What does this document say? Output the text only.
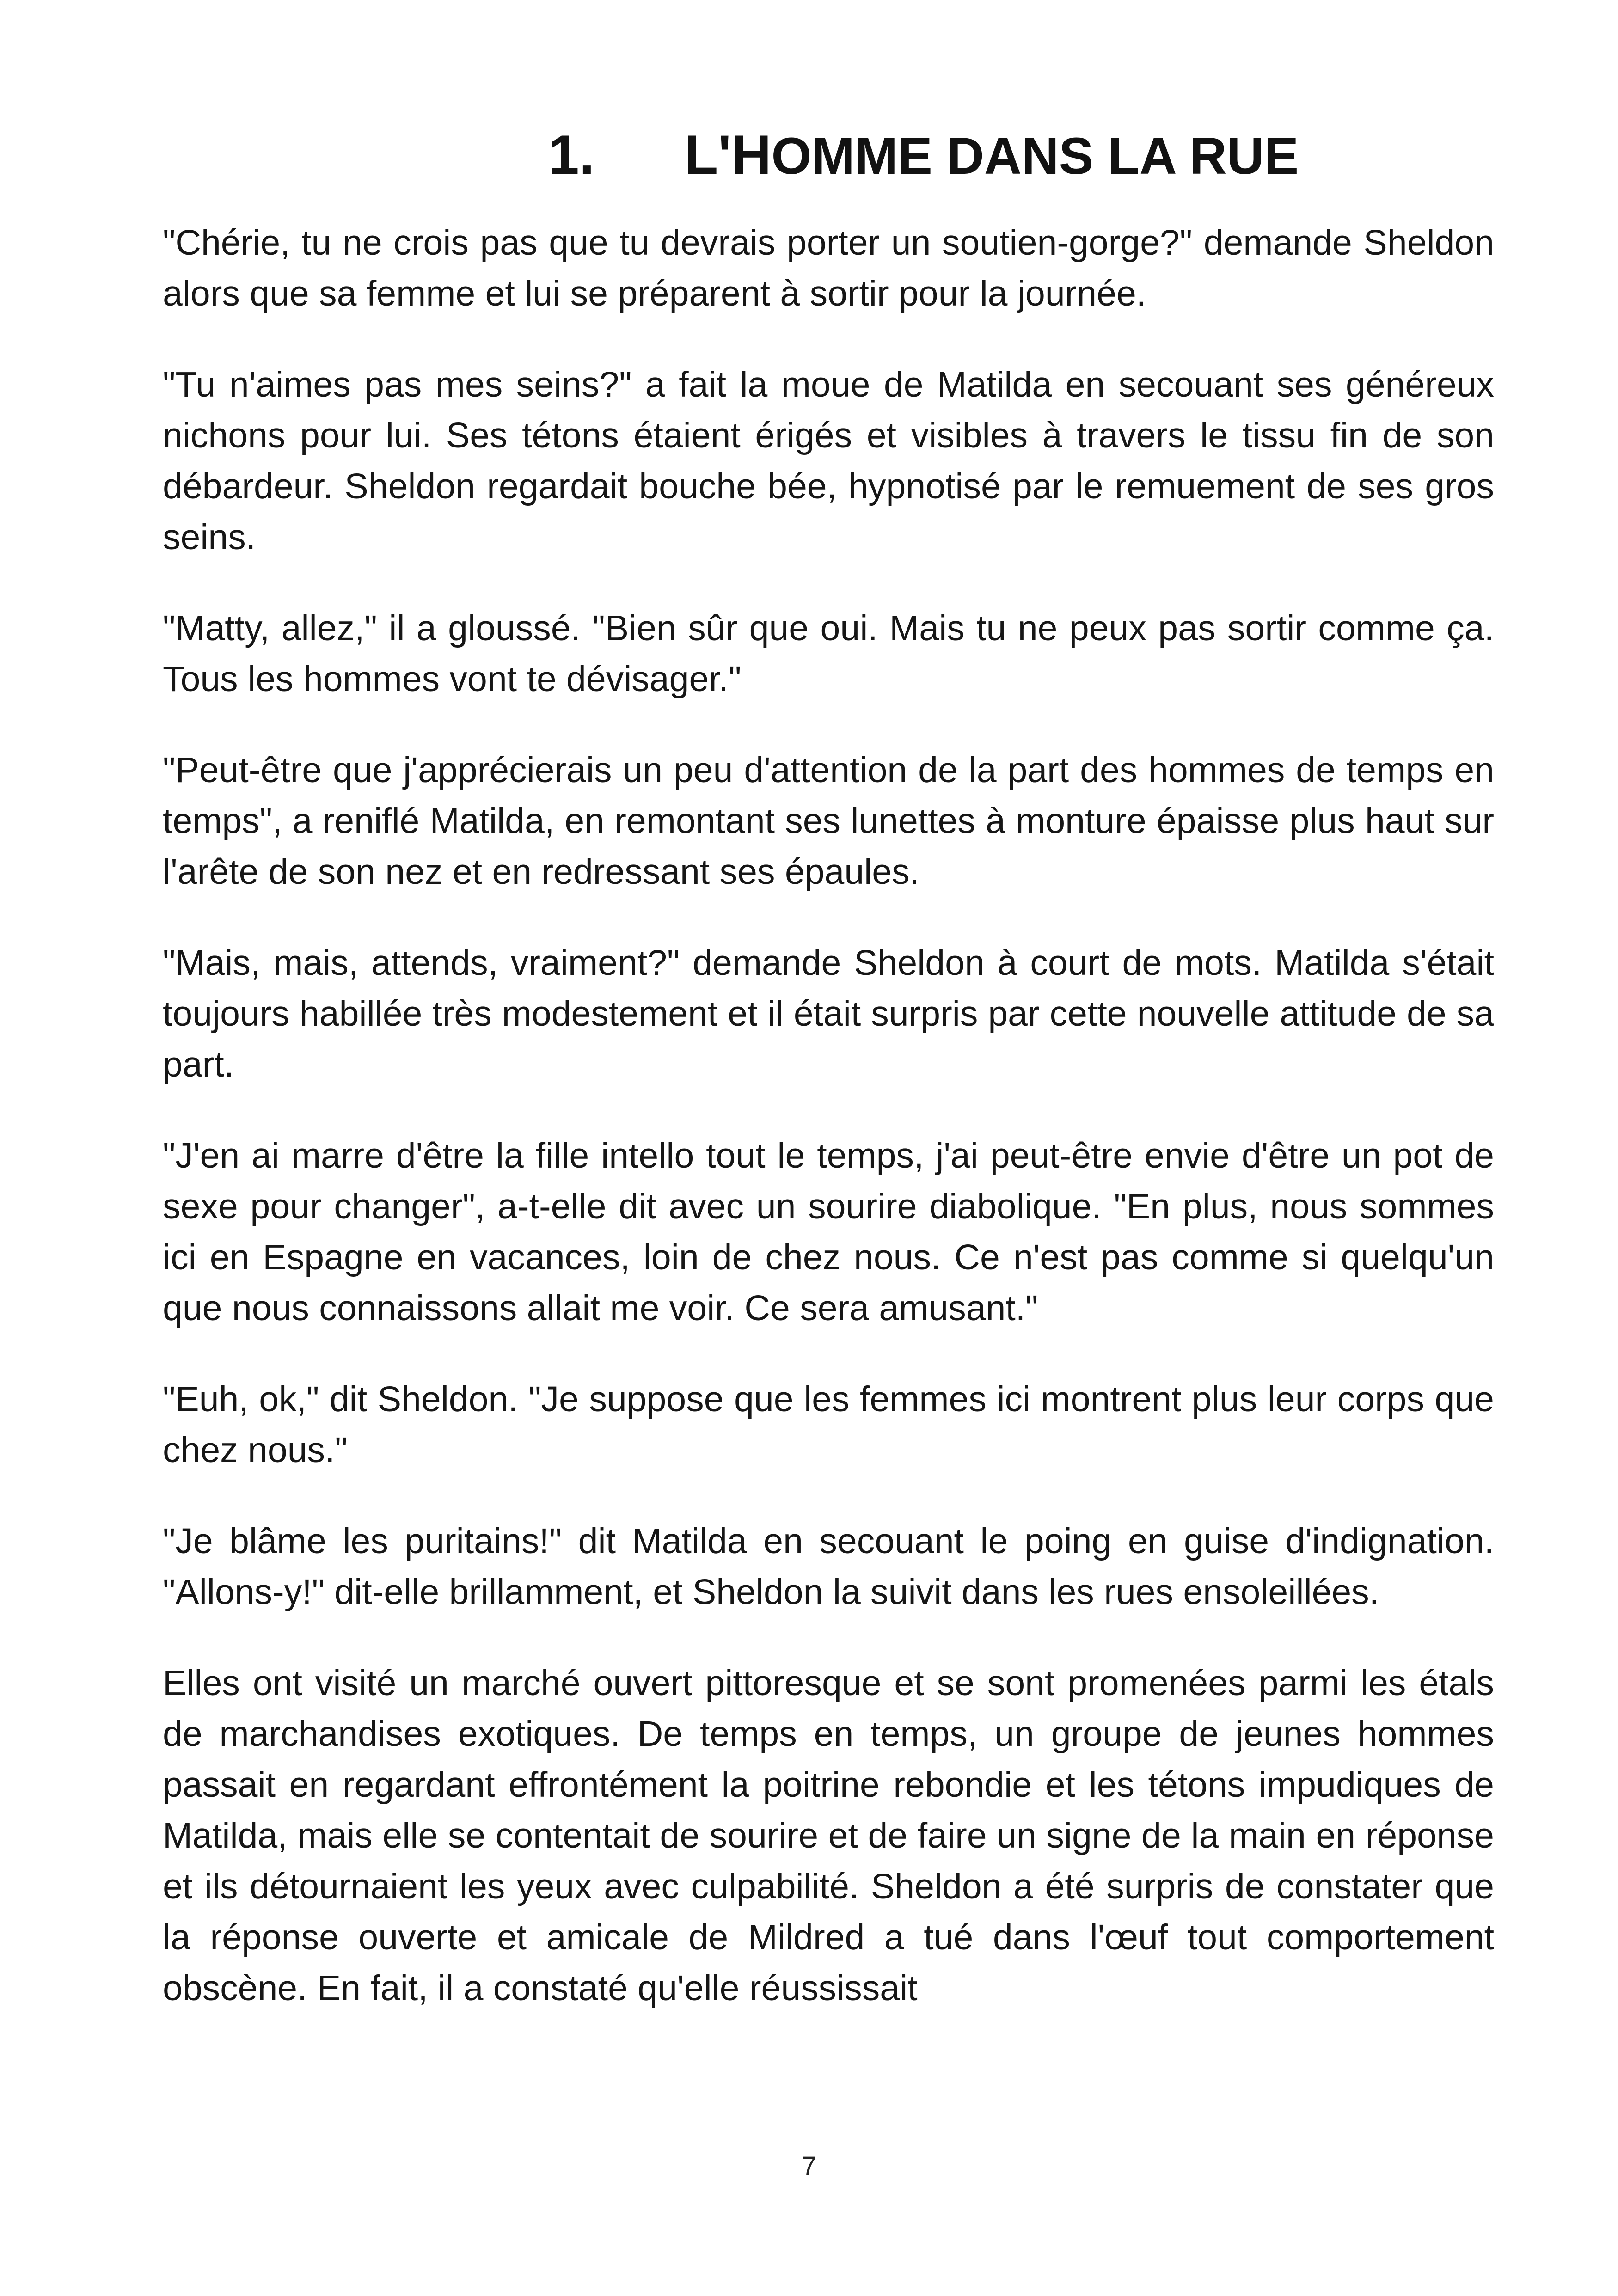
1. L'HOMME DANS LA RUE

"Chérie, tu ne crois pas que tu devrais porter un soutien-gorge?" demande Sheldon alors que sa femme et lui se préparent à sortir pour la journée.

"Tu n'aimes pas mes seins?" a fait la moue de Matilda en secouant ses généreux nichons pour lui. Ses tétons étaient érigés et visibles à travers le tissu fin de son débardeur. Sheldon regardait bouche bée, hypnotisé par le remuement de ses gros seins.

"Matty, allez," il a gloussé. "Bien sûr que oui. Mais tu ne peux pas sortir comme ça. Tous les hommes vont te dévisager."

"Peut-être que j'apprécierais un peu d'attention de la part des hommes de temps en temps", a reniflé Matilda, en remontant ses lunettes à monture épaisse plus haut sur l'arête de son nez et en redressant ses épaules.

"Mais, mais, attends, vraiment?" demande Sheldon à court de mots. Matilda s'était toujours habillée très modestement et il était surpris par cette nouvelle attitude de sa part.

"J'en ai marre d'être la fille intello tout le temps, j'ai peut-être envie d'être un pot de sexe pour changer", a-t-elle dit avec un sourire diabolique. "En plus, nous sommes ici en Espagne en vacances, loin de chez nous. Ce n'est pas comme si quelqu'un que nous connaissons allait me voir. Ce sera amusant."

"Euh, ok," dit Sheldon. "Je suppose que les femmes ici montrent plus leur corps que chez nous."

"Je blâme les puritains!" dit Matilda en secouant le poing en guise d'indignation. "Allons-y!" dit-elle brillamment, et Sheldon la suivit dans les rues ensoleillées.

Elles ont visité un marché ouvert pittoresque et se sont promenées parmi les étals de marchandises exotiques. De temps en temps, un groupe de jeunes hommes passait en regardant effrontément la poitrine rebondie et les tétons impudiques de Matilda, mais elle se contentait de sourire et de faire un signe de la main en réponse et ils détournaient les yeux avec culpabilité. Sheldon a été surpris de constater que la réponse ouverte et amicale de Mildred a tué dans l'œuf tout comportement obscène. En fait, il a constaté qu'elle réussissait

7
